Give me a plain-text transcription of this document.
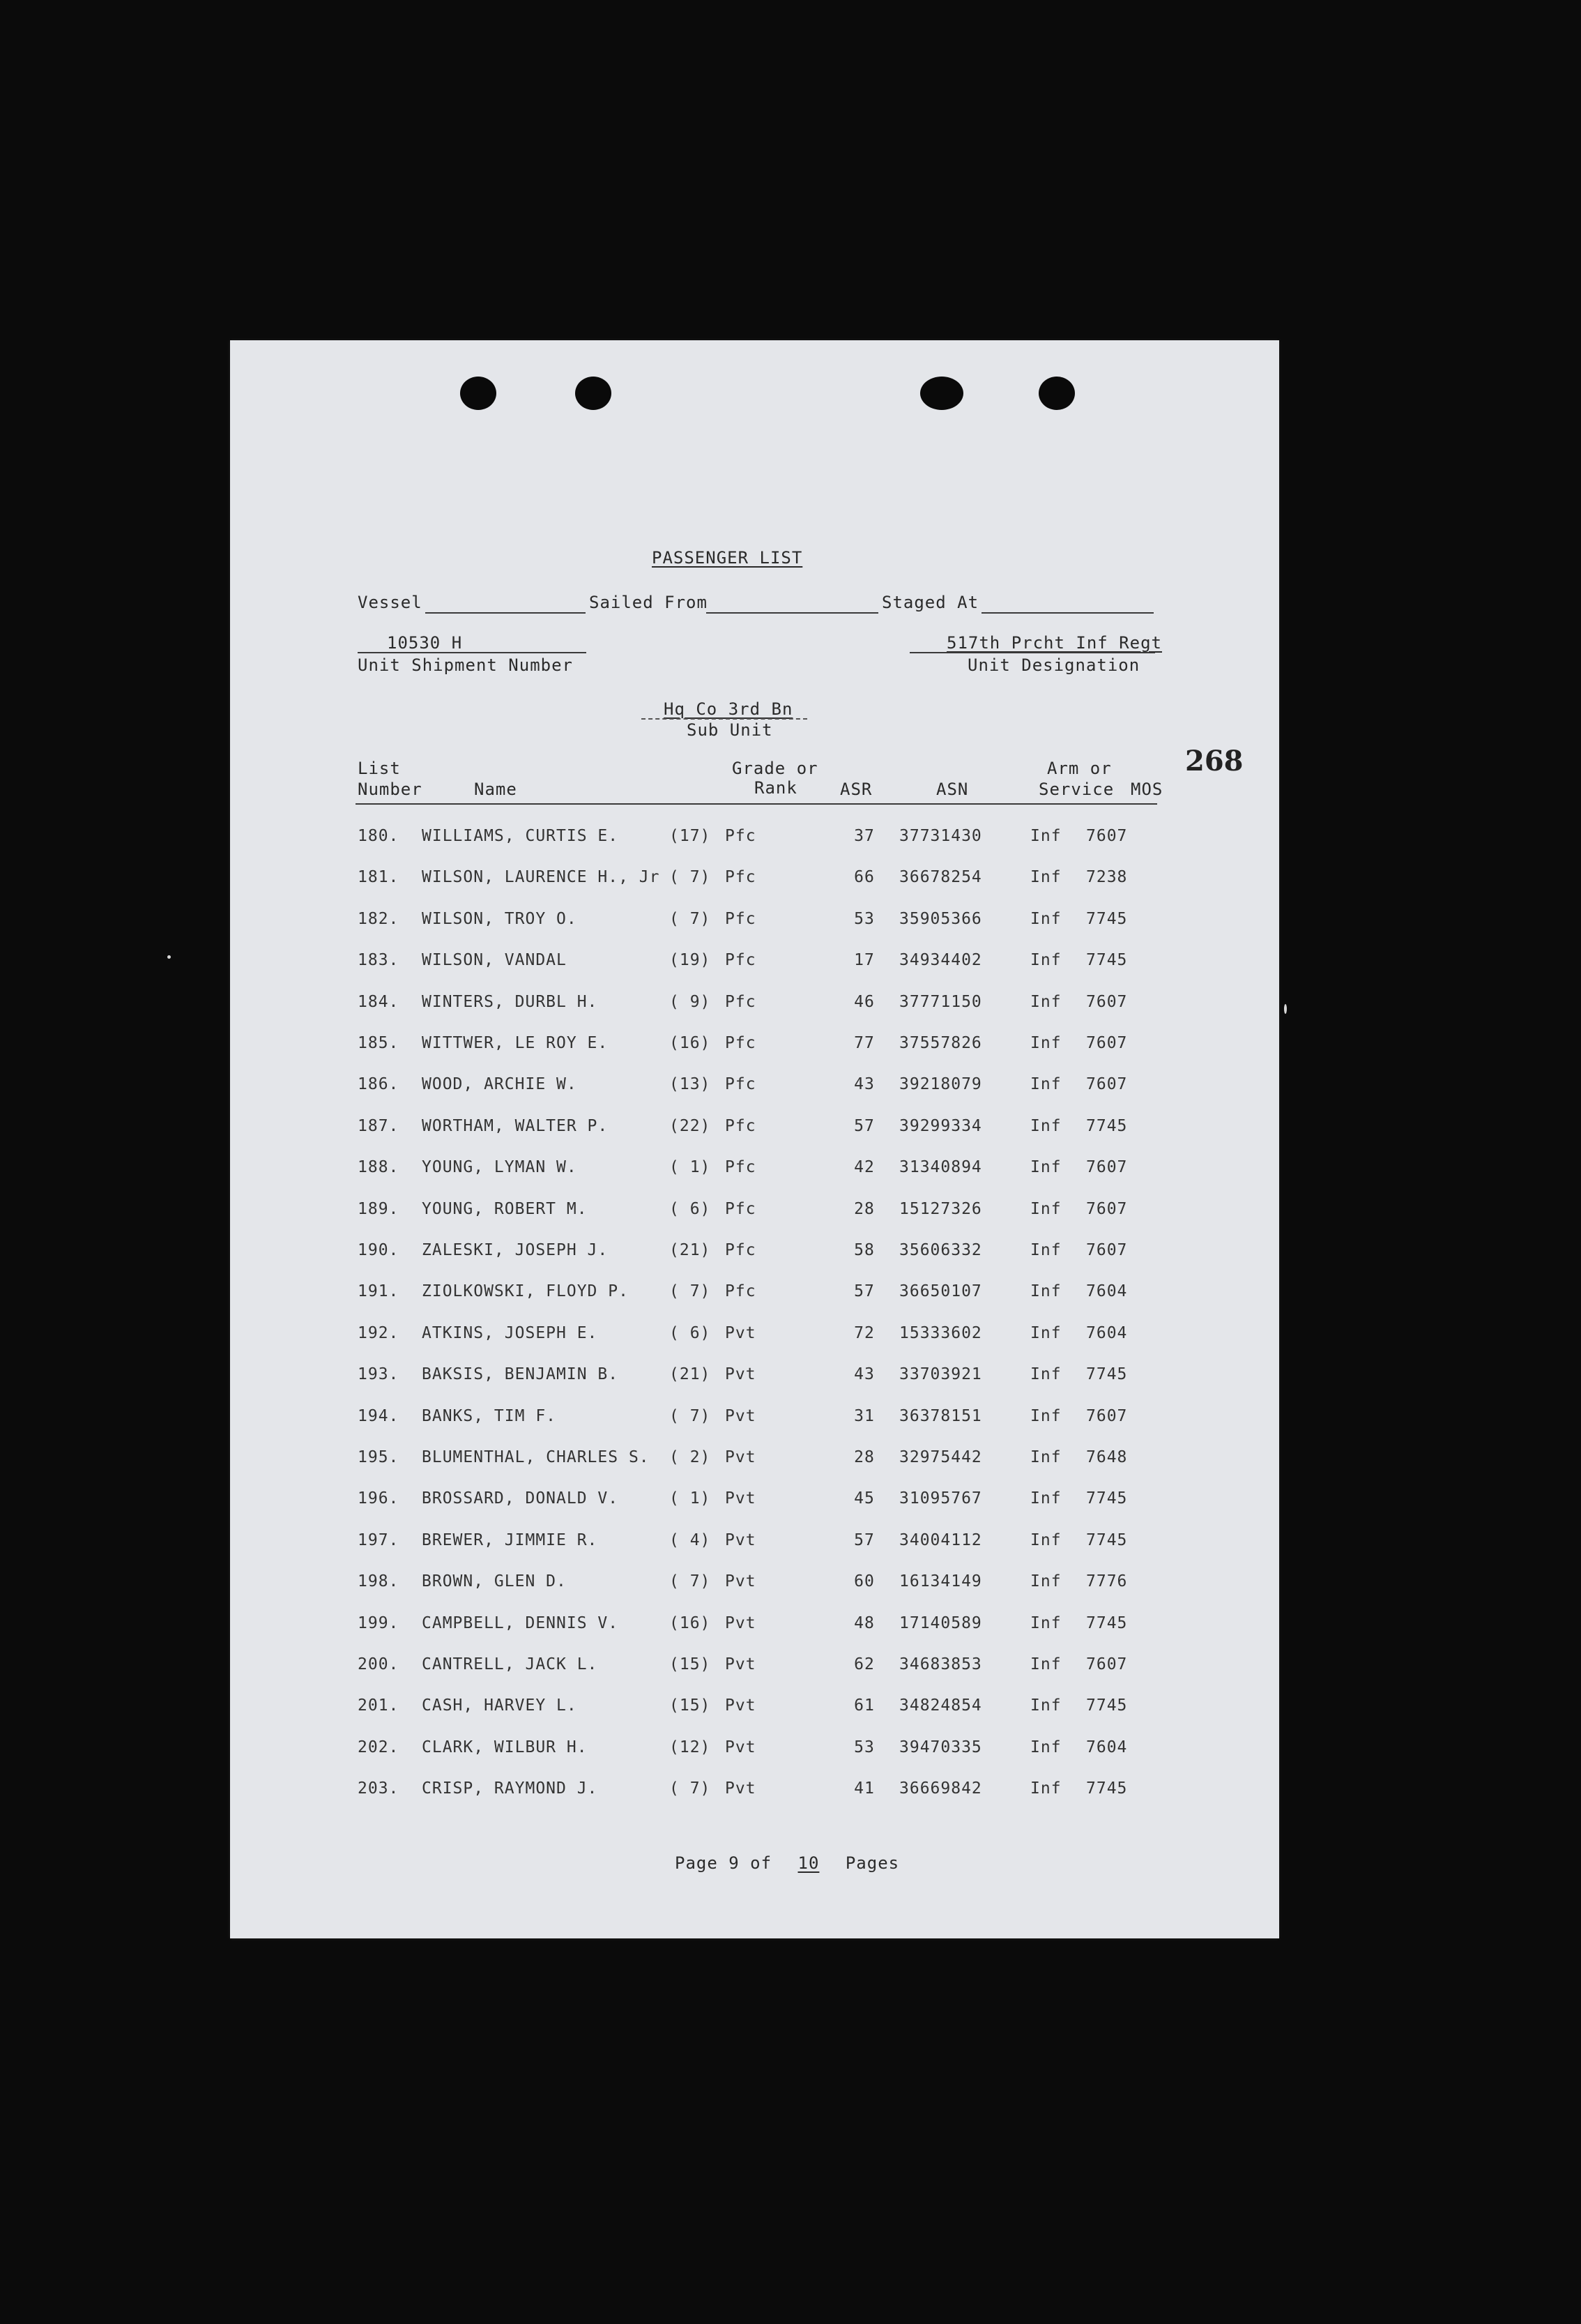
268
PASSENGER LIST
Vessel	Sailed From	Staged At
10530 H
Unit Shipment Number
517th Prcht Inf Regt
Unit Designation
Hq Co 3rd Bn
Sub Unit
List
Number	Name
Grade or
Rank	ASR	ASN
Arm or
Service MOS
180. WILLIAMS, CURTIS E.	(17) Pfc	37	37731430	Inf 7607
181. WILSON, LAURENCE H., Jr ( 7) Pfc	66	36678254	Inf 7238
182. WILSON, TROY O.	( 7) Pfc	53	35905366	Inf 7745
183. WILSON, VANDAL	(19) Pfc	17	34934402	Inf 7745
184. WINTERS, DURBL H.	( 9) Pfc	46	37771150	Inf 7607
185. WITTWER, LE ROY E.	(16) Pfc	77	37557826	Inf 7607
186. WOOD, ARCHIE W.	(13) Pfc	43	39218079	Inf 7607
187. WORTHAM, WALTER P.	(22) Pfc	57	39299334	Inf 7745
188. YOUNG, LYMAN W.	( 1) Pfc	42	31340894	Inf 7607
189. YOUNG, ROBERT M.	( 6) Pfc	28	15127326	Inf 7607
190. ZALESKI, JOSEPH J.	(21) Pfc	58	35606332	Inf 7607
191. ZIOLKOWSKI, FLOYD P.	( 7) Pfc	57	36650107	Inf 7604
192. ATKINS, JOSEPH E.	( 6) Pvt	72	15333602	Inf 7604
193. BAKSIS, BENJAMIN B.	(21) Pvt	43	33703921	Inf 7745
194. BANKS, TIM F.	( 7) Pvt	31	36378151	Inf 7607
195. BLUMENTHAL, CHARLES S. ( 2) Pvt	28	32975442	Inf 7648
196. BROSSARD, DONALD V.	( 1) Pvt	45	31095767	Inf 7745
197. BREWER, JIMMIE R.	( 4) Pvt	57	34004112	Inf 7745
198. BROWN, GLEN D.	( 7) Pvt	60	16134149	Inf 7776
199. CAMPBELL, DENNIS V.	(16) Pvt	48	17140589	Inf 7745
200. CANTRELL, JACK L.	(15) Pvt	62	34683853	Inf 7607
201. CASH, HARVEY L.	(15) Pvt	61	34824854	Inf 7745
202. CLARK, WILBUR H.	(12) Pvt	53	39470335	Inf 7604
203. CRISP, RAYMOND J.	( 7) Pvt	41	36669842	Inf 7745
Page 9 of 10 Pages
